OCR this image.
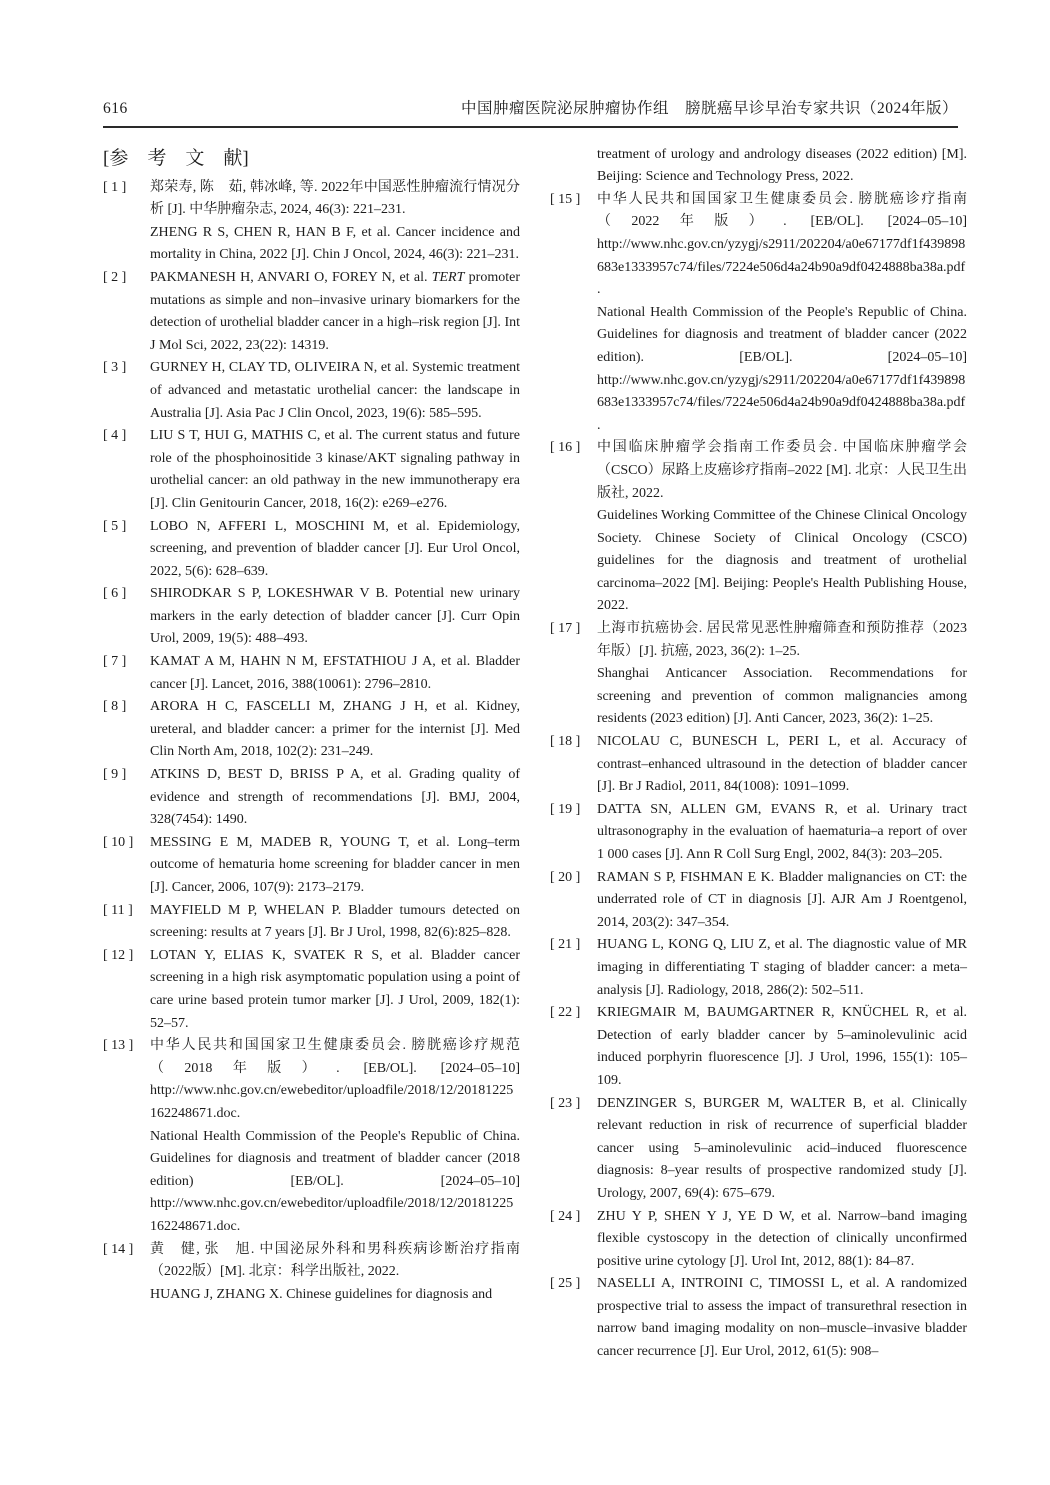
616	中国肿瘤医院泌尿肿瘤协作组　膀胱癌早诊早治专家共识（2024年版）
[参　考　文　献]
[ 1 ]	郑荣寿, 陈　茹, 韩冰峰, 等. 2022年中国恶性肿瘤流行情况分析 [J]. 中华肿瘤杂志, 2024, 46(3): 221–231.

ZHENG R S, CHEN R, HAN B F, et al. Cancer incidence and mortality in China, 2022 [J]. Chin J Oncol, 2024, 46(3): 221–231.

[ 2 ]	PAKMANESH H, ANVARI O, FOREY N, et al. TERT promoter mutations as simple and non–invasive urinary biomarkers for the detection of urothelial bladder cancer in a high–risk region [J]. Int J Mol Sci, 2022, 23(22): 14319.

[ 3 ]	GURNEY H, CLAY TD, OLIVEIRA N, et al. Systemic treatment of advanced and metastatic urothelial cancer: the landscape in Australia [J]. Asia Pac J Clin Oncol, 2023, 19(6): 585–595.

[ 4 ]	LIU S T, HUI G, MATHIS C, et al. The current status and future role of the phosphoinositide 3 kinase/AKT signaling pathway in urothelial cancer: an old pathway in the new immunotherapy era [J]. Clin Genitourin Cancer, 2018, 16(2): e269–e276.

[ 5 ]	LOBO N, AFFERI L, MOSCHINI M, et al. Epidemiology, screening, and prevention of bladder cancer [J]. Eur Urol Oncol, 2022, 5(6): 628–639.

[ 6 ]	SHIRODKAR S P, LOKESHWAR V B. Potential new urinary markers in the early detection of bladder cancer [J]. Curr Opin Urol, 2009, 19(5): 488–493.

[ 7 ]	KAMAT A M, HAHN N M, EFSTATHIOU J A, et al. Bladder cancer [J]. Lancet, 2016, 388(10061): 2796–2810.

[ 8 ]	ARORA H C, FASCELLI M, ZHANG J H, et al. Kidney, ureteral, and bladder cancer: a primer for the internist [J]. Med Clin North Am, 2018, 102(2): 231–249.

[ 9 ]	ATKINS D, BEST D, BRISS P A, et al. Grading quality of evidence and strength of recommendations [J]. BMJ, 2004, 328(7454): 1490.

[ 10 ]	MESSING E M, MADEB R, YOUNG T, et al. Long–term outcome of hematuria home screening for bladder cancer in men [J]. Cancer, 2006, 107(9): 2173–2179.

[ 11 ]	MAYFIELD M P, WHELAN P. Bladder tumours detected on screening: results at 7 years [J]. Br J Urol, 1998, 82(6):825–828.

[ 12 ]	LOTAN Y, ELIAS K, SVATEK R S, et al. Bladder cancer screening in a high risk asymptomatic population using a point of care urine based protein tumor marker [J]. J Urol, 2009, 182(1): 52–57.

[ 13 ]	中华人民共和国国家卫生健康委员会. 膀胱癌诊疗规范（2018年版）. [EB/OL]. [2024–05–10] http://www.nhc.gov.cn/ewebeditor/uploadfile/2018/12/20181225162248671.doc.

National Health Commission of the People's Republic of China. Guidelines for diagnosis and treatment of bladder cancer (2018 edition) [EB/OL]. [2024–05–10] http://www.nhc.gov.cn/ewebeditor/uploadfile/2018/12/20181225162248671.doc.

[ 14 ]	黄　健, 张　旭. 中国泌尿外科和男科疾病诊断治疗指南（2022版）[M]. 北京：科学出版社, 2022.

HUANG J, ZHANG X. Chinese guidelines for diagnosis and

treatment of urology and andrology diseases (2022 edition) [M]. Beijing: Science and Technology Press, 2022.

[ 15 ]	中华人民共和国国家卫生健康委员会. 膀胱癌诊疗指南（2022年版）. [EB/OL]. [2024–05–10] http://www.nhc.gov.cn/yzygj/s2911/202204/a0e67177df1f439898683e1333957c74/files/7224e506d4a24b90a9df0424888ba38a.pdf.

National Health Commission of the People's Republic of China. Guidelines for diagnosis and treatment of bladder cancer (2022 edition). [EB/OL]. [2024–05–10] http://www.nhc.gov.cn/yzygj/s2911/202204/a0e67177df1f439898683e1333957c74/files/7224e506d4a24b90a9df0424888ba38a.pdf.

[ 16 ]	中国临床肿瘤学会指南工作委员会. 中国临床肿瘤学会（CSCO）尿路上皮癌诊疗指南–2022 [M]. 北京：人民卫生出版社, 2022.

Guidelines Working Committee of the Chinese Clinical Oncology Society. Chinese Society of Clinical Oncology (CSCO) guidelines for the diagnosis and treatment of urothelial carcinoma–2022 [M]. Beijing: People's Health Publishing House, 2022.

[ 17 ]	上海市抗癌协会. 居民常见恶性肿瘤筛查和预防推荐（2023年版）[J]. 抗癌, 2023, 36(2): 1–25.

Shanghai Anticancer Association. Recommendations for screening and prevention of common malignancies among residents (2023 edition) [J]. Anti Cancer, 2023, 36(2): 1–25.

[ 18 ]	NICOLAU C, BUNESCH L, PERI L, et al. Accuracy of contrast–enhanced ultrasound in the detection of bladder cancer [J]. Br J Radiol, 2011, 84(1008): 1091–1099.

[ 19 ]	DATTA SN, ALLEN GM, EVANS R, et al. Urinary tract ultrasonography in the evaluation of haematuria–a report of over 1 000 cases [J]. Ann R Coll Surg Engl, 2002, 84(3): 203–205.

[ 20 ]	RAMAN S P, FISHMAN E K. Bladder malignancies on CT: the underrated role of CT in diagnosis [J]. AJR Am J Roentgenol, 2014, 203(2): 347–354.

[ 21 ]	HUANG L, KONG Q, LIU Z, et al. The diagnostic value of MR imaging in differentiating T staging of bladder cancer: a meta–analysis [J]. Radiology, 2018, 286(2): 502–511.

[ 22 ]	KRIEGMAIR M, BAUMGARTNER R, KNÜCHEL R, et al. Detection of early bladder cancer by 5–aminolevulinic acid induced porphyrin fluorescence [J]. J Urol, 1996, 155(1): 105–109.

[ 23 ]	DENZINGER S, BURGER M, WALTER B, et al. Clinically relevant reduction in risk of recurrence of superficial bladder cancer using 5–aminolevulinic acid–induced fluorescence diagnosis: 8–year results of prospective randomized study [J]. Urology, 2007, 69(4): 675–679.

[ 24 ]	ZHU Y P, SHEN Y J, YE D W, et al. Narrow–band imaging flexible cystoscopy in the detection of clinically unconfirmed positive urine cytology [J]. Urol Int, 2012, 88(1): 84–87.

[ 25 ]	NASELLI A, INTROINI C, TIMOSSI L, et al. A randomized prospective trial to assess the impact of transurethral resection in narrow band imaging modality on non–muscle–invasive bladder cancer recurrence [J]. Eur Urol, 2012, 61(5): 908–
